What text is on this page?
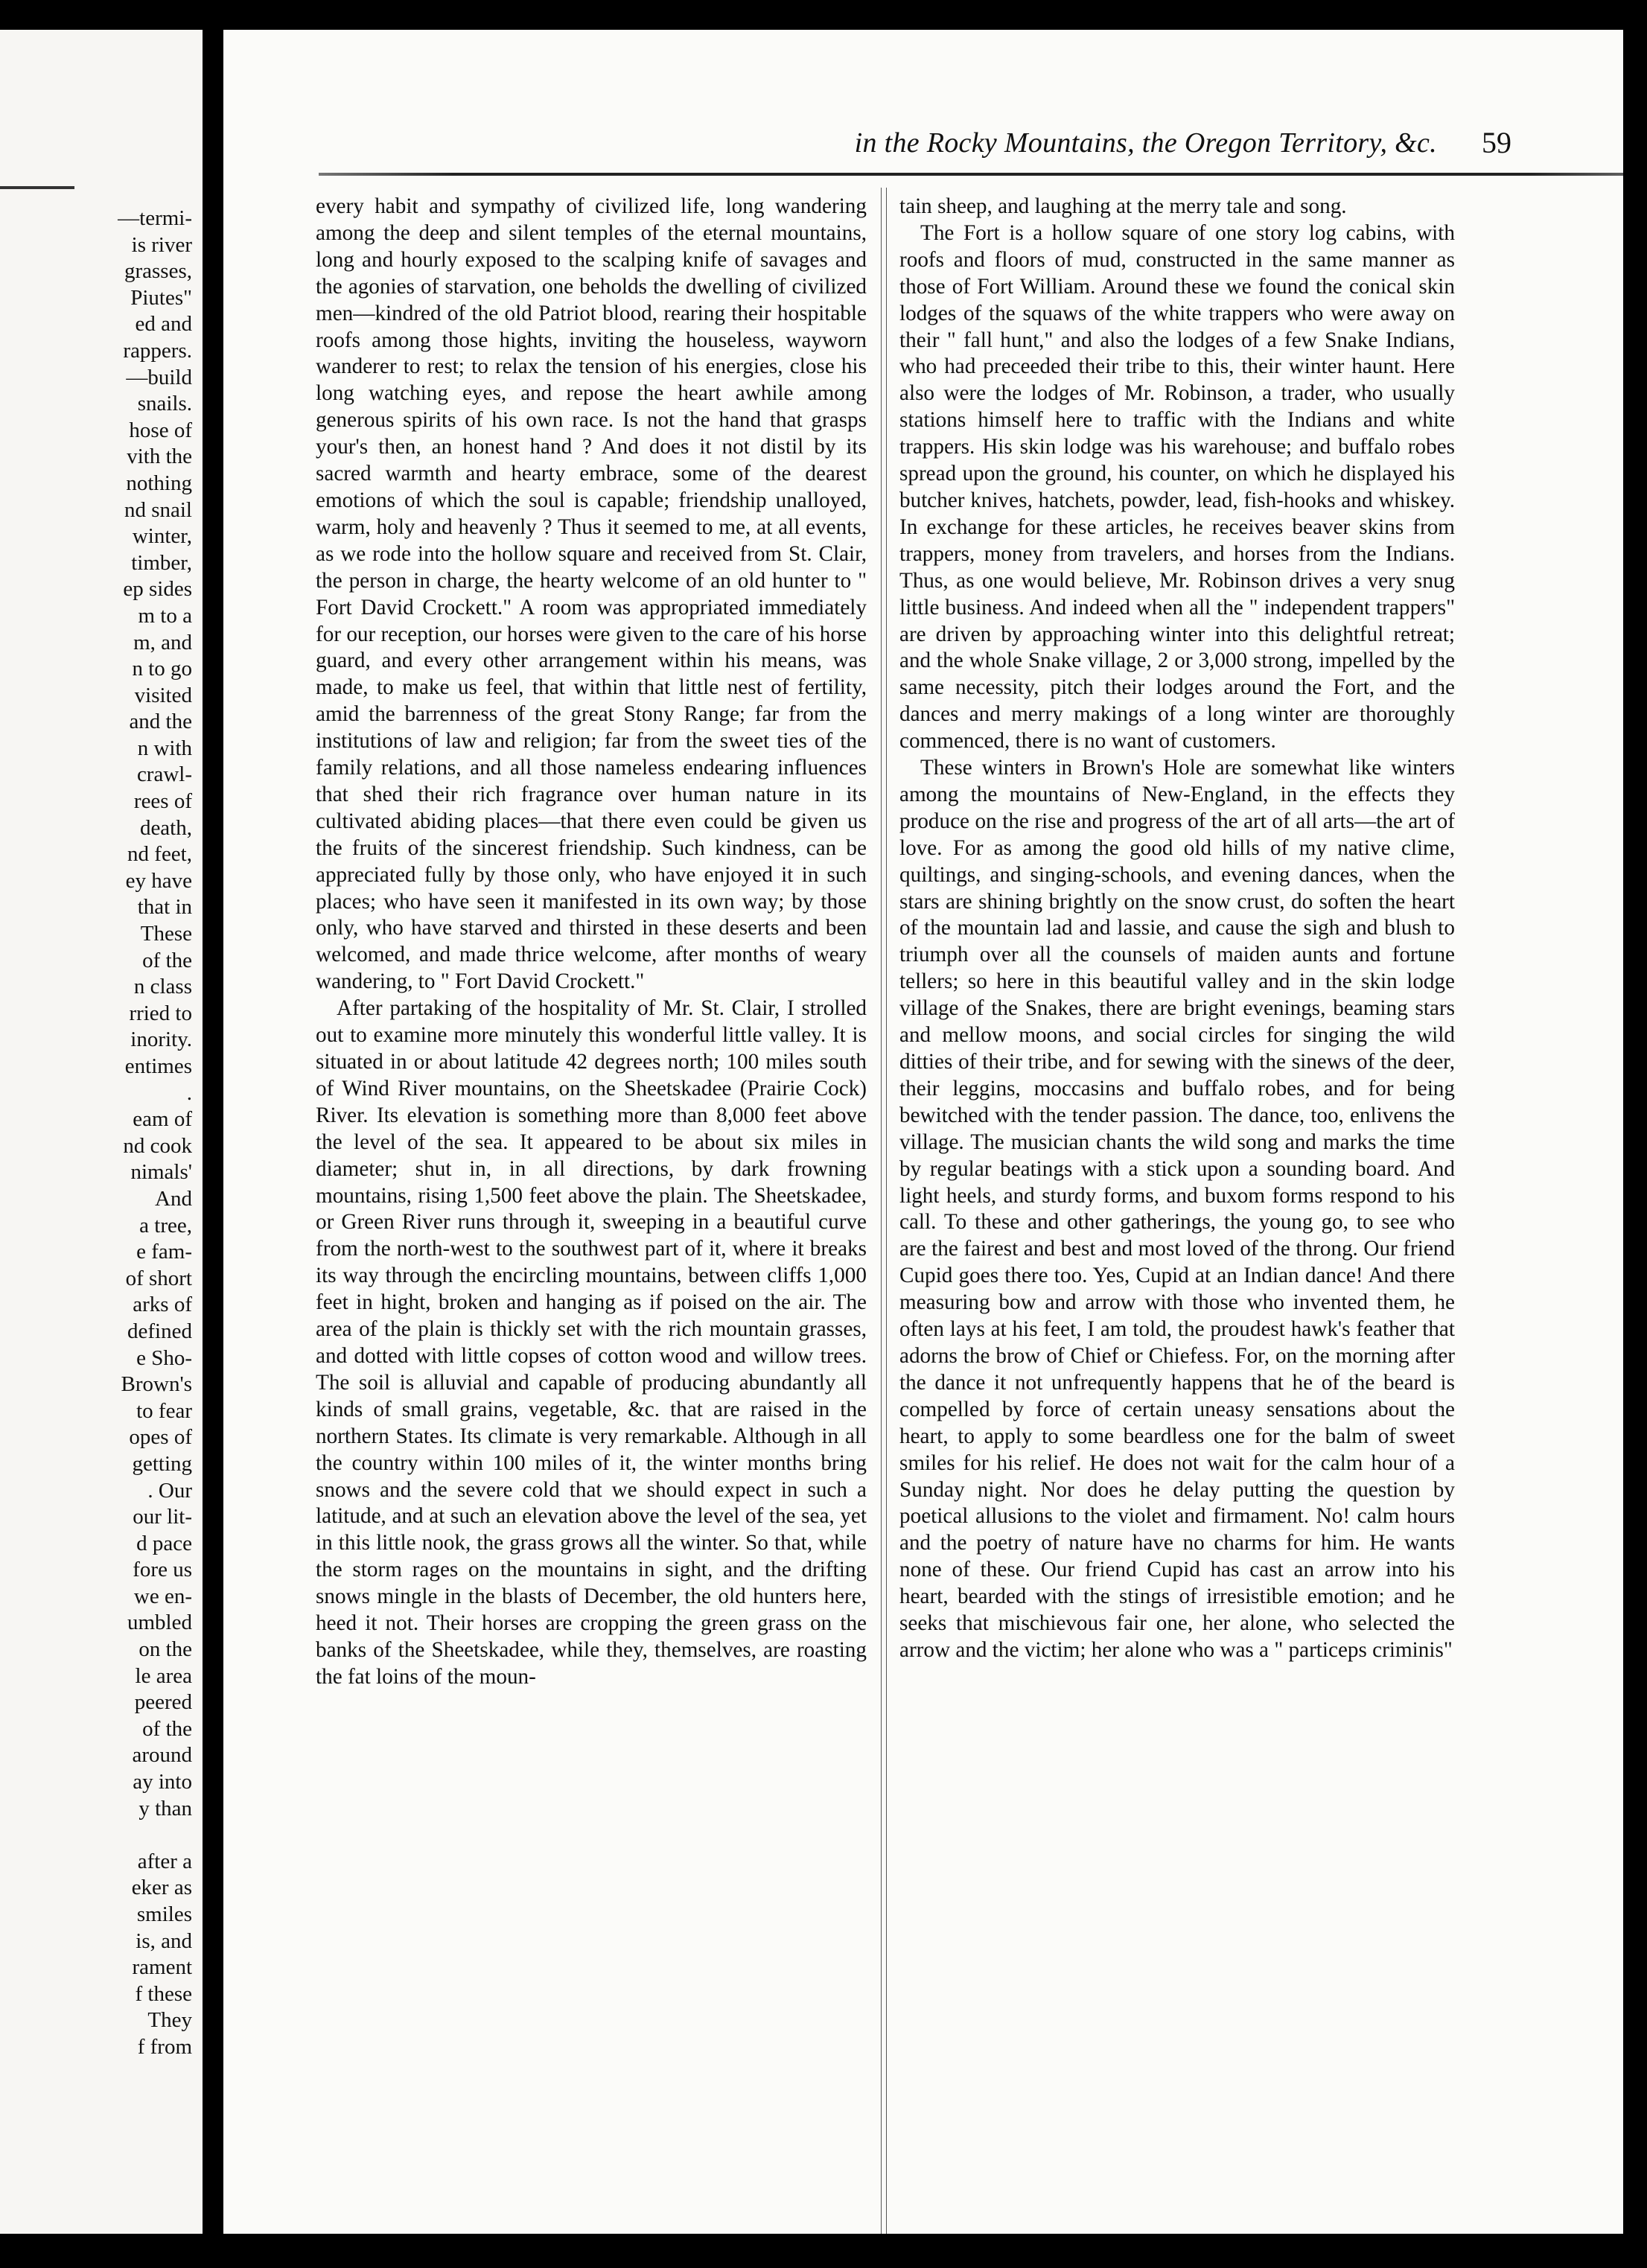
—termi-
is river
grasses,
Piutes"
ed and
rappers.
—build
snails.
hose of
vith the
nothing
nd snail
winter,
timber,
ep sides
m to a
m, and
n to go
visited
and the
n with
crawl-
rees of
death,
nd feet,
ey have
that in
These
of the
n class
rried to
inority.
entimes
.
eam of
nd cook
nimals'
And
a tree,
e fam-
of short
arks of
defined
e Sho-
Brown's
to fear
opes of
getting
. Our
our lit-
d pace
fore us
we en-
umbled
on the
le area
peered
of the
around
ay into
y than

after a
eker as
smiles
is, and
rament
f these
They
f from
in the Rocky Mountains, the Oregon Territory, &c. 59

every habit and sympathy of civilized life, long wandering among the deep and silent temples of the eternal mountains, long and hourly exposed to the scalping knife of savages and the agonies of starvation, one beholds the dwelling of civilized men—kindred of the old Patriot blood, rearing their hospitable roofs among those hights, inviting the houseless, wayworn wanderer to rest; to relax the tension of his energies, close his long watching eyes, and repose the heart awhile among generous spirits of his own race. Is not the hand that grasps your's then, an honest hand ? And does it not distil by its sacred warmth and hearty embrace, some of the dearest emotions of which the soul is capable; friendship unalloyed, warm, holy and heavenly ? Thus it seemed to me, at all events, as we rode into the hollow square and received from St. Clair, the person in charge, the hearty welcome of an old hunter to " Fort David Crockett." A room was appropriated immediately for our reception, our horses were given to the care of his horse guard, and every other arrangement within his means, was made, to make us feel, that within that little nest of fertility, amid the barrenness of the great Stony Range; far from the institutions of law and religion; far from the sweet ties of the family relations, and all those nameless endearing influences that shed their rich fragrance over human nature in its cultivated abiding places—that there even could be given us the fruits of the sincerest friendship. Such kindness, can be appreciated fully by those only, who have enjoyed it in such places; who have seen it manifested in its own way; by those only, who have starved and thirsted in these deserts and been welcomed, and made thrice welcome, after months of weary wandering, to " Fort David Crockett."

After partaking of the hospitality of Mr. St. Clair, I strolled out to examine more minutely this wonderful little valley. It is situated in or about latitude 42 degrees north; 100 miles south of Wind River mountains, on the Sheetskadee (Prairie Cock) River. Its elevation is something more than 8,000 feet above the level of the sea. It appeared to be about six miles in diameter; shut in, in all directions, by dark frowning mountains, rising 1,500 feet above the plain. The Sheetskadee, or Green River runs through it, sweeping in a beautiful curve from the north-west to the southwest part of it, where it breaks its way through the encircling mountains, between cliffs 1,000 feet in hight, broken and hanging as if poised on the air. The area of the plain is thickly set with the rich mountain grasses, and dotted with little copses of cotton wood and willow trees. The soil is alluvial and capable of producing abundantly all kinds of small grains, vegetable, &c. that are raised in the northern States. Its climate is very remarkable. Although in all the country within 100 miles of it, the winter months bring snows and the severe cold that we should expect in such a latitude, and at such an elevation above the level of the sea, yet in this little nook, the grass grows all the winter. So that, while the storm rages on the mountains in sight, and the drifting snows mingle in the blasts of December, the old hunters here, heed it not. Their horses are cropping the green grass on the banks of the Sheetskadee, while they, themselves, are roasting the fat loins of the moun-

tain sheep, and laughing at the merry tale and song.

The Fort is a hollow square of one story log cabins, with roofs and floors of mud, constructed in the same manner as those of Fort William. Around these we found the conical skin lodges of the squaws of the white trappers who were away on their " fall hunt," and also the lodges of a few Snake Indians, who had preceeded their tribe to this, their winter haunt. Here also were the lodges of Mr. Robinson, a trader, who usually stations himself here to traffic with the Indians and white trappers. His skin lodge was his warehouse; and buffalo robes spread upon the ground, his counter, on which he displayed his butcher knives, hatchets, powder, lead, fish-hooks and whiskey. In exchange for these articles, he receives beaver skins from trappers, money from travelers, and horses from the Indians. Thus, as one would believe, Mr. Robinson drives a very snug little business. And indeed when all the " independent trappers" are driven by approaching winter into this delightful retreat; and the whole Snake village, 2 or 3,000 strong, impelled by the same necessity, pitch their lodges around the Fort, and the dances and merry makings of a long winter are thoroughly commenced, there is no want of customers.

These winters in Brown's Hole are somewhat like winters among the mountains of New-England, in the effects they produce on the rise and progress of the art of all arts—the art of love. For as among the good old hills of my native clime, quiltings, and singing-schools, and evening dances, when the stars are shining brightly on the snow crust, do soften the heart of the mountain lad and lassie, and cause the sigh and blush to triumph over all the counsels of maiden aunts and fortune tellers; so here in this beautiful valley and in the skin lodge village of the Snakes, there are bright evenings, beaming stars and mellow moons, and social circles for singing the wild ditties of their tribe, and for sewing with the sinews of the deer, their leggins, moccasins and buffalo robes, and for being bewitched with the tender passion. The dance, too, enlivens the village. The musician chants the wild song and marks the time by regular beatings with a stick upon a sounding board. And light heels, and sturdy forms, and buxom forms respond to his call. To these and other gatherings, the young go, to see who are the fairest and best and most loved of the throng. Our friend Cupid goes there too. Yes, Cupid at an Indian dance! And there measuring bow and arrow with those who invented them, he often lays at his feet, I am told, the proudest hawk's feather that adorns the brow of Chief or Chiefess. For, on the morning after the dance it not unfrequently happens that he of the beard is compelled by force of certain uneasy sensations about the heart, to apply to some beardless one for the balm of sweet smiles for his relief. He does not wait for the calm hour of a Sunday night. Nor does he delay putting the question by poetical allusions to the violet and firmament. No! calm hours and the poetry of nature have no charms for him. He wants none of these. Our friend Cupid has cast an arrow into his heart, bearded with the stings of irresistible emotion; and he seeks that mischievous fair one, her alone, who selected the arrow and the victim; her alone who was a " particeps criminis"
